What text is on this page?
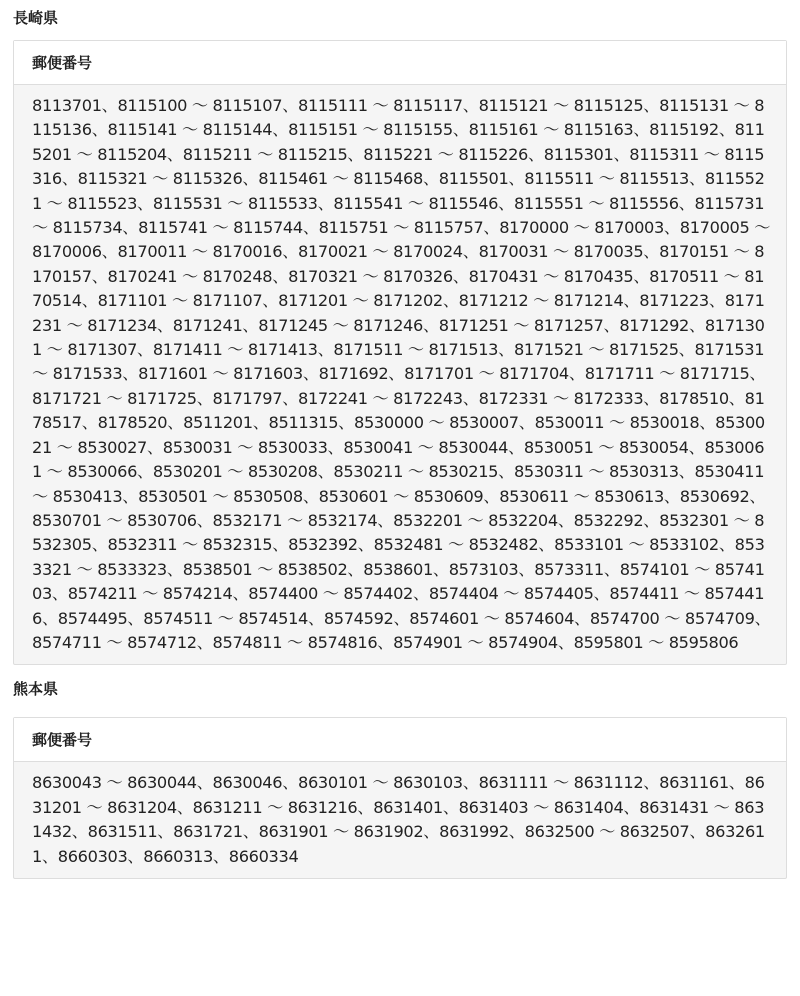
長崎県
郵便番号
8113701、8115100 ～ 8115107、8115111 ～ 8115117、8115121 ～ 8115125、8115131 ～ 8115136、8115141 ～ 8115144、8115151 ～ 8115155、8115161 ～ 8115163、8115192、8115201 ～ 8115204、8115211 ～ 8115215、8115221 ～ 8115226、8115301、8115311 ～ 8115316、8115321 ～ 8115326、8115461 ～ 8115468、8115501、8115511 ～ 8115513、8115521 ～ 8115523、8115531 ～ 8115533、8115541 ～ 8115546、8115551 ～ 8115556、8115731 ～ 8115734、8115741 ～ 8115744、8115751 ～ 8115757、8170000 ～ 8170003、8170005 ～ 8170006、8170011 ～ 8170016、8170021 ～ 8170024、8170031 ～ 8170035、8170151 ～ 8170157、8170241 ～ 8170248、8170321 ～ 8170326、8170431 ～ 8170435、8170511 ～ 8170514、8171101 ～ 8171107、8171201 ～ 8171202、8171212 ～ 8171214、8171223、8171231 ～ 8171234、8171241、8171245 ～ 8171246、8171251 ～ 8171257、8171292、8171301 ～ 8171307、8171411 ～ 8171413、8171511 ～ 8171513、8171521 ～ 8171525、8171531 ～ 8171533、8171601 ～ 8171603、8171692、8171701 ～ 8171704、8171711 ～ 8171715、8171721 ～ 8171725、8171797、8172241 ～ 8172243、8172331 ～ 8172333、8178510、8178517、8178520、8511201、8511315、8530000 ～ 8530007、8530011 ～ 8530018、8530021 ～ 8530027、8530031 ～ 8530033、8530041 ～ 8530044、8530051 ～ 8530054、8530061 ～ 8530066、8530201 ～ 8530208、8530211 ～ 8530215、8530311 ～ 8530313、8530411 ～ 8530413、8530501 ～ 8530508、8530601 ～ 8530609、8530611 ～ 8530613、8530692、8530701 ～ 8530706、8532171 ～ 8532174、8532201 ～ 8532204、8532292、8532301 ～ 8532305、8532311 ～ 8532315、8532392、8532481 ～ 8532482、8533101 ～ 8533102、8533321 ～ 8533323、8538501 ～ 8538502、8538601、8573103、8573311、8574101 ～ 8574103、8574211 ～ 8574214、8574400 ～ 8574402、8574404 ～ 8574405、8574411 ～ 8574416、8574495、8574511 ～ 8574514、8574592、8574601 ～ 8574604、8574700 ～ 8574709、8574711 ～ 8574712、8574811 ～ 8574816、8574901 ～ 8574904、8595801 ～ 8595806
熊本県
郵便番号
8630043 ～ 8630044、8630046、8630101 ～ 8630103、8631111 ～ 8631112、8631161、8631201 ～ 8631204、8631211 ～ 8631216、8631401、8631403 ～ 8631404、8631431 ～ 8631432、8631511、8631721、8631901 ～ 8631902、8631992、8632500 ～ 8632507、8632611、8660303、8660313、8660334
